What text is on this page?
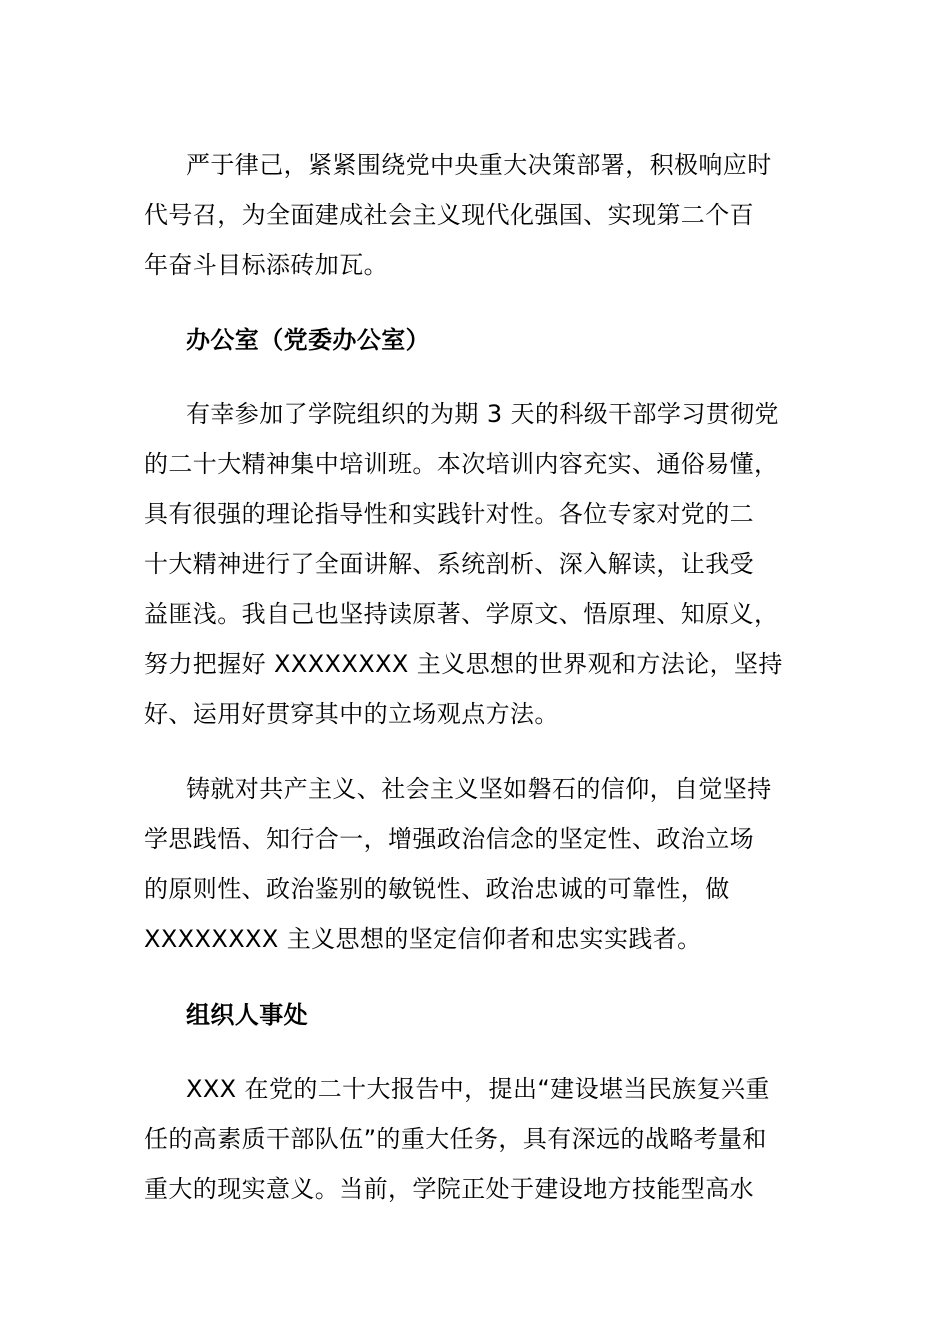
严于律己，紧紧围绕党中央重大决策部署，积极响应时
代号召，为全面建成社会主义现代化强国、实现第二个百
年奋斗目标添砖加瓦。
办公室（党委办公室）
有幸参加了学院组织的为期 3 天的科级干部学习贯彻党
的二十大精神集中培训班。本次培训内容充实、通俗易懂，
具有很强的理论指导性和实践针对性。各位专家对党的二
十大精神进行了全面讲解、系统剖析、深入解读，让我受
益匪浅。我自己也坚持读原著、学原文、悟原理、知原义，
努力把握好 XXXXXXXX 主义思想的世界观和方法论，坚持
好、运用好贯穿其中的立场观点方法。
铸就对共产主义、社会主义坚如磐石的信仰，自觉坚持
学思践悟、知行合一，增强政治信念的坚定性、政治立场
的原则性、政治鉴别的敏锐性、政治忠诚的可靠性，做
XXXXXXXX 主义思想的坚定信仰者和忠实实践者。
组织人事处
XXX 在党的二十大报告中，提出“建设堪当民族复兴重
任的高素质干部队伍”的重大任务，具有深远的战略考量和
重大的现实意义。当前，学院正处于建设地方技能型高水
